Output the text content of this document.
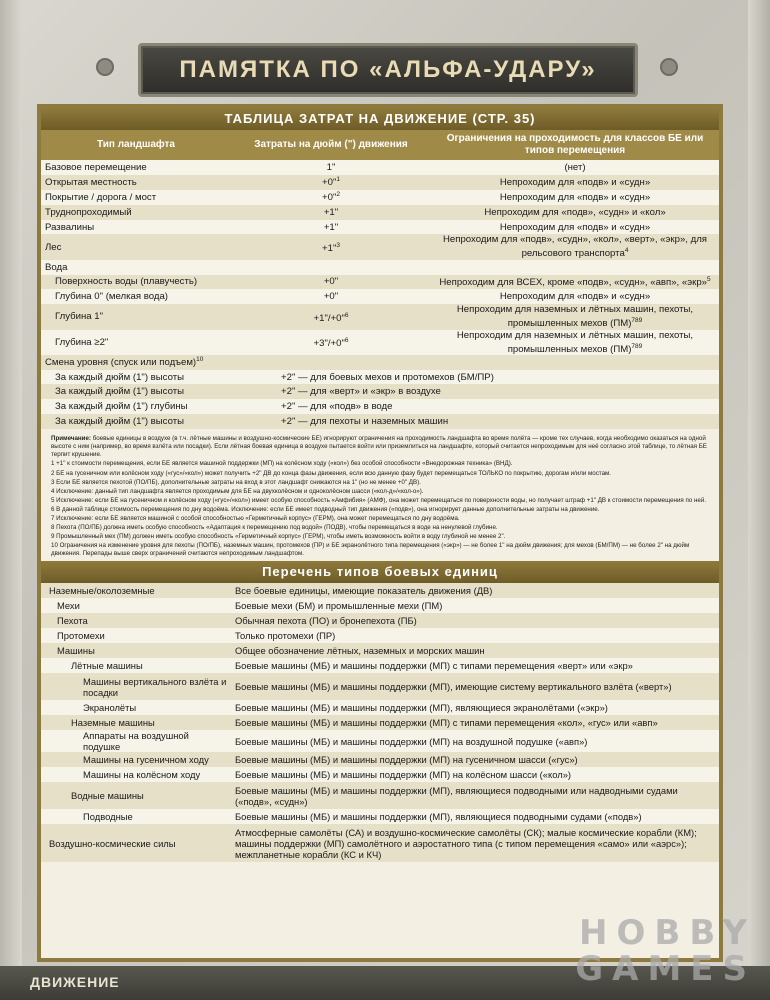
ПАМЯТКА ПО «АЛЬФА-УДАРУ»
ТАБЛИЦА ЗАТРАТ НА ДВИЖЕНИЕ (СТР. 35)
Тип ландшафта	Затраты на дюйм (") движения	Ограничения на проходимость для классов БЕ или типов перемещения
Базовое перемещение	1"	(нет)
Открытая местность	+0"$^1$	Непроходим для «подв» и «судн»
Покрытие / дорога / мост	+0"$^2$	Непроходим для «подв» и «судн»
Труднопроходимый	+1"	Непроходим для «подв», «судн» и «кол»
Развалины	+1"	Непроходим для «подв» и «судн»
Лес	+1"$^3$	Непроходим для «подв», «судн», «кол», «верт», «экр», для рельсового транспорта$^4$
Вода		
Поверхность воды (плавучесть)	+0"	Непроходим для ВСЕХ, кроме «подв», «судн», «авп», «экр»$^5$
Глубина 0" (мелкая вода)	+0"	Непроходим для «подв» и «судн»
Глубина 1"	+1"/+0"$^6$	Непроходим для наземных и лётных машин, пехоты, промышленных мехов (ПМ)$^{789}$
Глубина ≥2"	+3"/+0"$^6$	Непроходим для наземных и лётных машин, пехоты, промышленных мехов (ПМ)$^{789}$
Смена уровня (спуск или подъем)$^{10}$		
За каждый дюйм (1") высоты	+2" — для боевых мехов и протомехов (БМ/ПР)	
За каждый дюйм (1") высоты	+2" — для «верт» и «экр» в воздухе	
За каждый дюйм (1") глубины	+2" — для «подв» в воде	
За каждый дюйм (1") высоты	+2" — для пехоты и наземных машин	

Примечание: боевые единицы в воздухе (в т.ч. лётные машины и воздушно-космические БЕ) игнорируют ограничения на проходимость ландшафта во время полёта — кроме тех случаев, когда необходимо оказаться на одной высоте с ним (например, во время взлёта или посадки). Если лётная боевая единица в воздухе пытается войти или приземлиться на ландшафте, который считается непроходимым для неё согласно этой таблице, то лётная БЕ терпит крушение.

1 +1" к стоимости перемещения, если БЕ является машиной поддержки (МП) на колёсном ходу («кол») без особой способности «Внедорожная техника» (ВНД).

2 БЕ на гусеничном или колёсном ходу («гус»/«кол») может получить +2" ДВ до конца фазы движения, если всю данную фазу будет перемещаться ТОЛЬКО по покрытию, дорогам и/или мостам.

3 Если БЕ является пехотой (ПО/ПБ), дополнительные затраты на вход в этот ландшафт снижаются на 1" (но не менее +0" ДВ).

4 Исключение: данный тип ландшафта является проходимым для БЕ на двухколёсном и одноколёсном шасси («кол-д»/«кол-о»).

5 Исключение: если БЕ на гусеничном и колёсном ходу («гус»/«кол») имеет особую способность «Амфибия» (АМФ), она может перемещаться по поверхности воды, но получает штраф +1" ДВ к стоимости перемещения по ней.

6 В данной таблице стоимость перемещения по дну водоёма. Исключение: если БЕ имеет подводный тип движения («подв»), она игнорирует данные дополнительные затраты на движение.

7 Исключение: если БЕ является машиной с особой способностью «Герметичный корпус» (ГЕРМ), она может перемещаться по дну водоёма.

8 Пехота (ПО/ПБ) должна иметь особую способность «Адаптация к перемещению под водой» (ПОДВ), чтобы перемещаться в воде на ненулевой глубине.

9 Промышленный мех (ПМ) должен иметь особую способность «Герметичный корпус» (ГЕРМ), чтобы иметь возможность войти в воду глубиной не менее 2".

10 Ограничения на изменение уровня для пехоты (ПО/ПБ), наземных машин, протомехов (ПР) и БЕ экранолётного типа перемещения («экр») — не более 1" на дюйм движения; для мехов (БМ/ПМ) — не более 2" на дюйм движения. Перепады выше сверх ограничений считаются непроходимым ландшафтом.

Перечень типов боевых единиц
Наземные/околоземные	Все боевые единицы, имеющие показатель движения (ДВ)
Мехи	Боевые мехи (БМ) и промышленные мехи (ПМ)
Пехота	Обычная пехота (ПО) и бронепехота (ПБ)
Протомехи	Только протомехи (ПР)
Машины	Общее обозначение лётных, наземных и морских машин
Лётные машины	Боевые машины (МБ) и машины поддержки (МП) с типами перемещения «верт» или «экр»
Машины вертикального взлёта и посадки	Боевые машины (МБ) и машины поддержки (МП), имеющие систему вертикального взлёта («верт»)
Экранолёты	Боевые машины (МБ) и машины поддержки (МП), являющиеся экранолётами («экр»)
Наземные машины	Боевые машины (МБ) и машины поддержки (МП) с типами перемещения «кол», «гус» или «авп»
Аппараты на воздушной подушке	Боевые машины (МБ) и машины поддержки (МП) на воздушной подушке («авп»)
Машины на гусеничном ходу	Боевые машины (МБ) и машины поддержки (МП) на гусеничном шасси («гус»)
Машины на колёсном ходу	Боевые машины (МБ) и машины поддержки (МП) на колёсном шасси («кол»)
Водные машины	Боевые машины (МБ) и машины поддержки (МП), являющиеся подводными или надводными судами («подв», «судн»)
Подводные	Боевые машины (МБ) и машины поддержки (МП), являющиеся подводными судами («подв»)
Воздушно-космические силы	Атмосферные самолёты (СА) и воздушно-космические самолёты (СК); малые космические корабли (КМ); машины поддержки (МП) самолётного и аэростатного типа (с типом перемещения «само» или «аэрс»); межпланетные корабли (КС и КЧ)
ДВИЖЕНИЕ
HOBBY
GAMES
